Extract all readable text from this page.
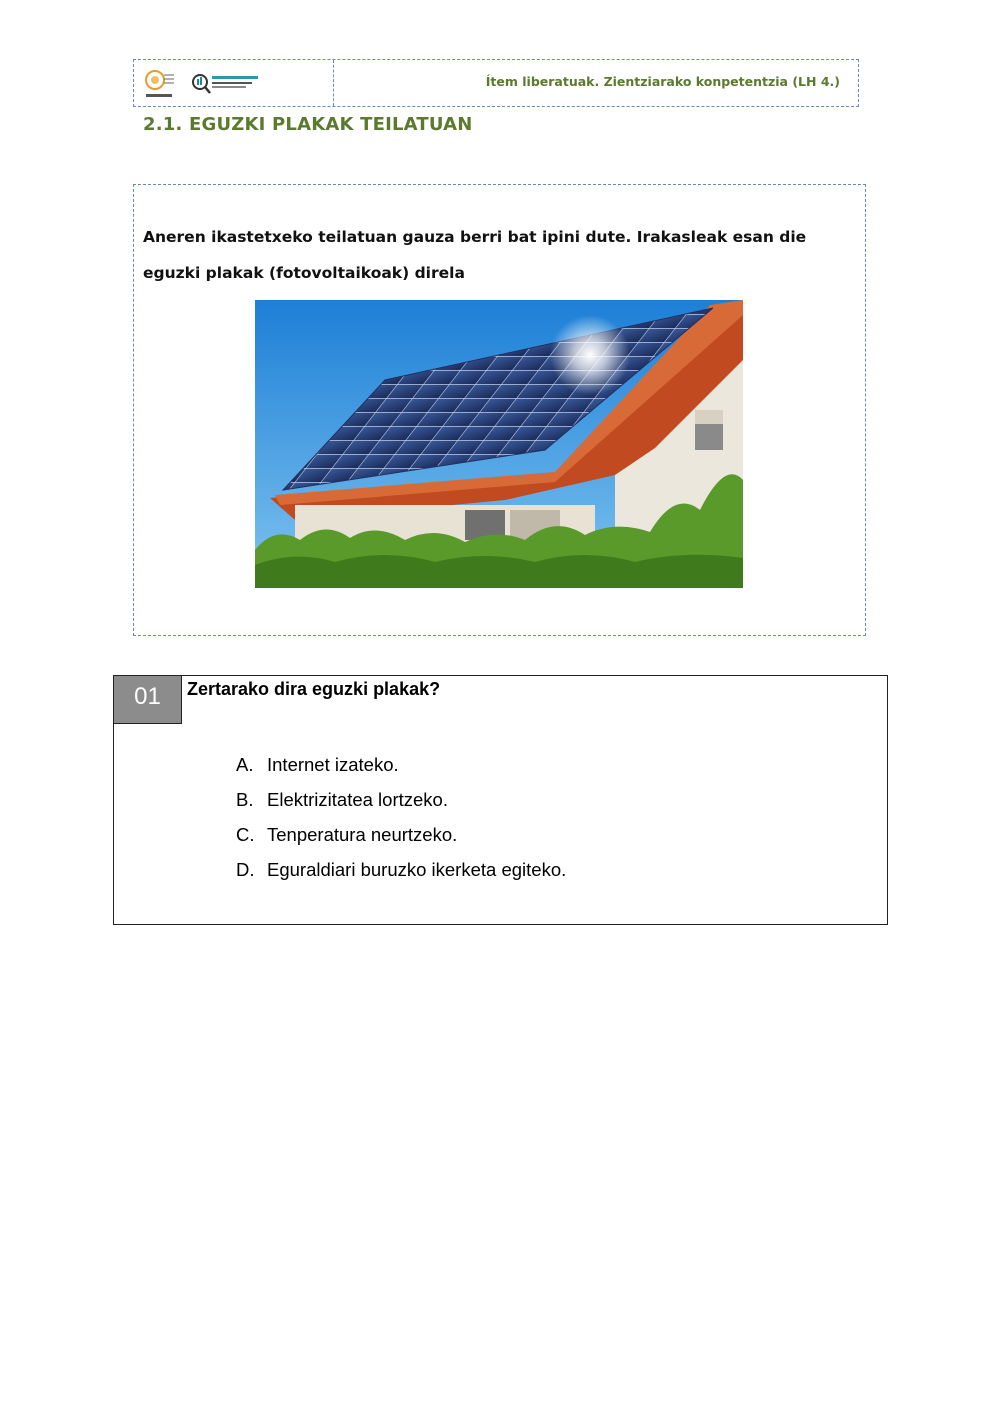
Ítem liberatuak. Zientziarako konpetentzia (LH 4.)
2.1. EGUZKI PLAKAK TEILATUAN
Aneren ikastetxeko teilatuan gauza berri bat ipini dute. Irakasleak esan die eguzki plakak (fotovoltaikoak) direla
01	Zertarako dira eguzki plakak?
A. Internet izateko.
B. Elektrizitatea lortzeko.
C. Tenperatura neurtzeko.
D. Eguraldiari buruzko ikerketa egiteko.
